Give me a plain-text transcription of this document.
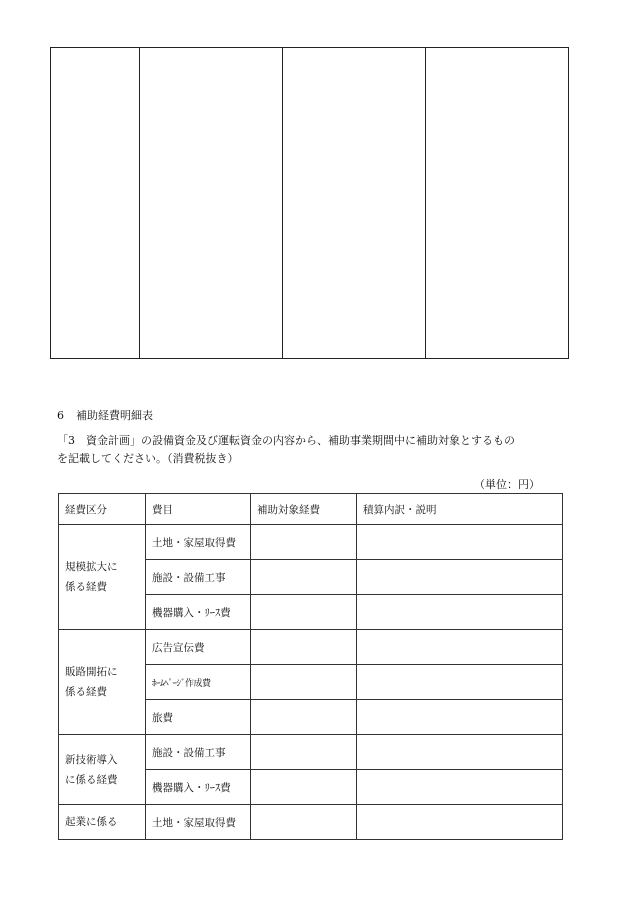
6 補助経費明細表

「3　資金計画」の設備資金及び運転資金の内容から、補助事業期間中に補助対象とするもの

を記載してください。（消費税抜き）

（単位：円）
経費区分	費目	補助対象経費	積算内訳・説明
規模拡大に
係る経費	土地・家屋取得費		
	施設・設備工事		
	機器購入・ﾘｰｽ費		
販路開拓に
係る経費	広告宣伝費		
	ﾎｰﾑﾍﾟｰｼﾞ作成費		
	旅費		
新技術導入
に係る経費	施設・設備工事		
	機器購入・ﾘｰｽ費		
起業に係る	土地・家屋取得費		
